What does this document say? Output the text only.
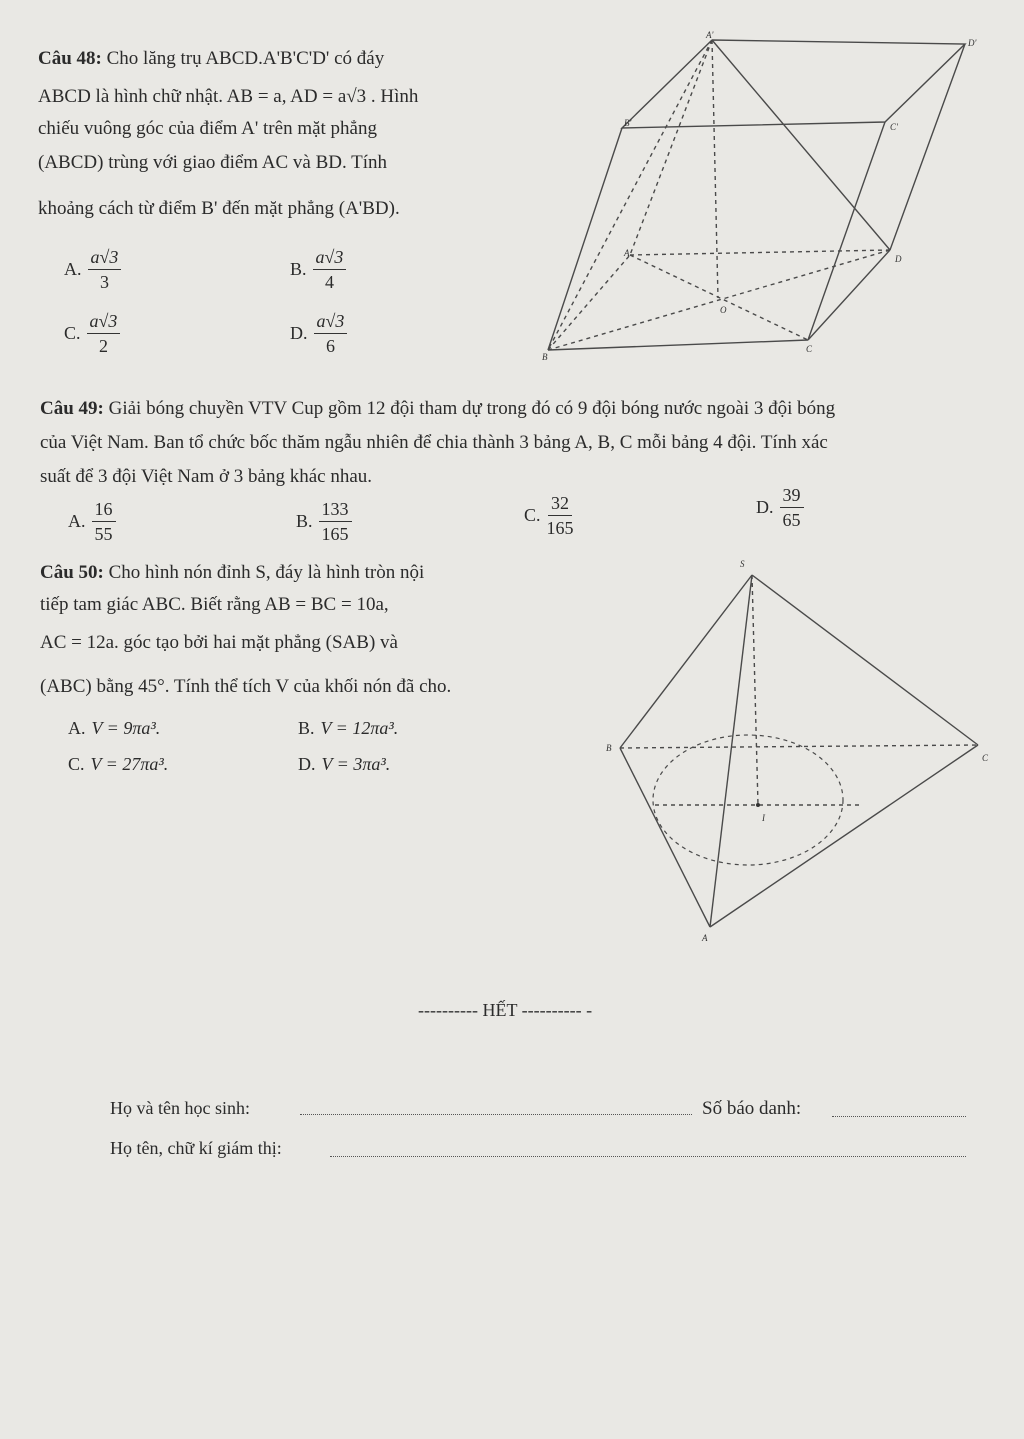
Câu 48: Cho lăng trụ ABCD.A'B'C'D' có đáy
ABCD là hình chữ nhật. AB = a, AD = a√3 . Hình
chiếu vuông góc của điểm A' trên mặt phẳng
(ABCD) trùng với giao điểm AC và BD. Tính
khoảng cách từ điểm B' đến mặt phẳng (A'BD).
A. $\frac{a√3}{3}$	B. $\frac{a√3}{4}$
C. $\frac{a√3}{2}$	D. $\frac{a√3}{6}$
A'
D'
B'	C'
A
D
B
C
O
Câu 49: Giải bóng chuyền VTV Cup gồm 12 đội tham dự trong đó có 9 đội bóng nước ngoài 3 đội bóng
của Việt Nam. Ban tổ chức bốc thăm ngẫu nhiên để chia thành 3 bảng A, B, C mỗi bảng 4 đội. Tính xác
suất để 3 đội Việt Nam ở 3 bảng khác nhau.
A. $\frac{16}{55}$	B. $\frac{133}{165}$	C. $\frac{32}{165}$	D. $\frac{39}{65}$
Câu 50: Cho hình nón đỉnh S, đáy là hình tròn nội
tiếp tam giác ABC. Biết rằng AB = BC = 10a,
AC = 12a. góc tạo bởi hai mặt phẳng (SAB) và
(ABC) bằng 45°. Tính thể tích V của khối nón đã cho.
A. V = 9πa³.	B. V = 12πa³.
C. V = 27πa³.	D. V = 3πa³.
S
B
C
A
I
---------- HẾT ---------- -
Họ và tên học sinh:	Số báo danh:
Họ tên, chữ kí giám thị:
